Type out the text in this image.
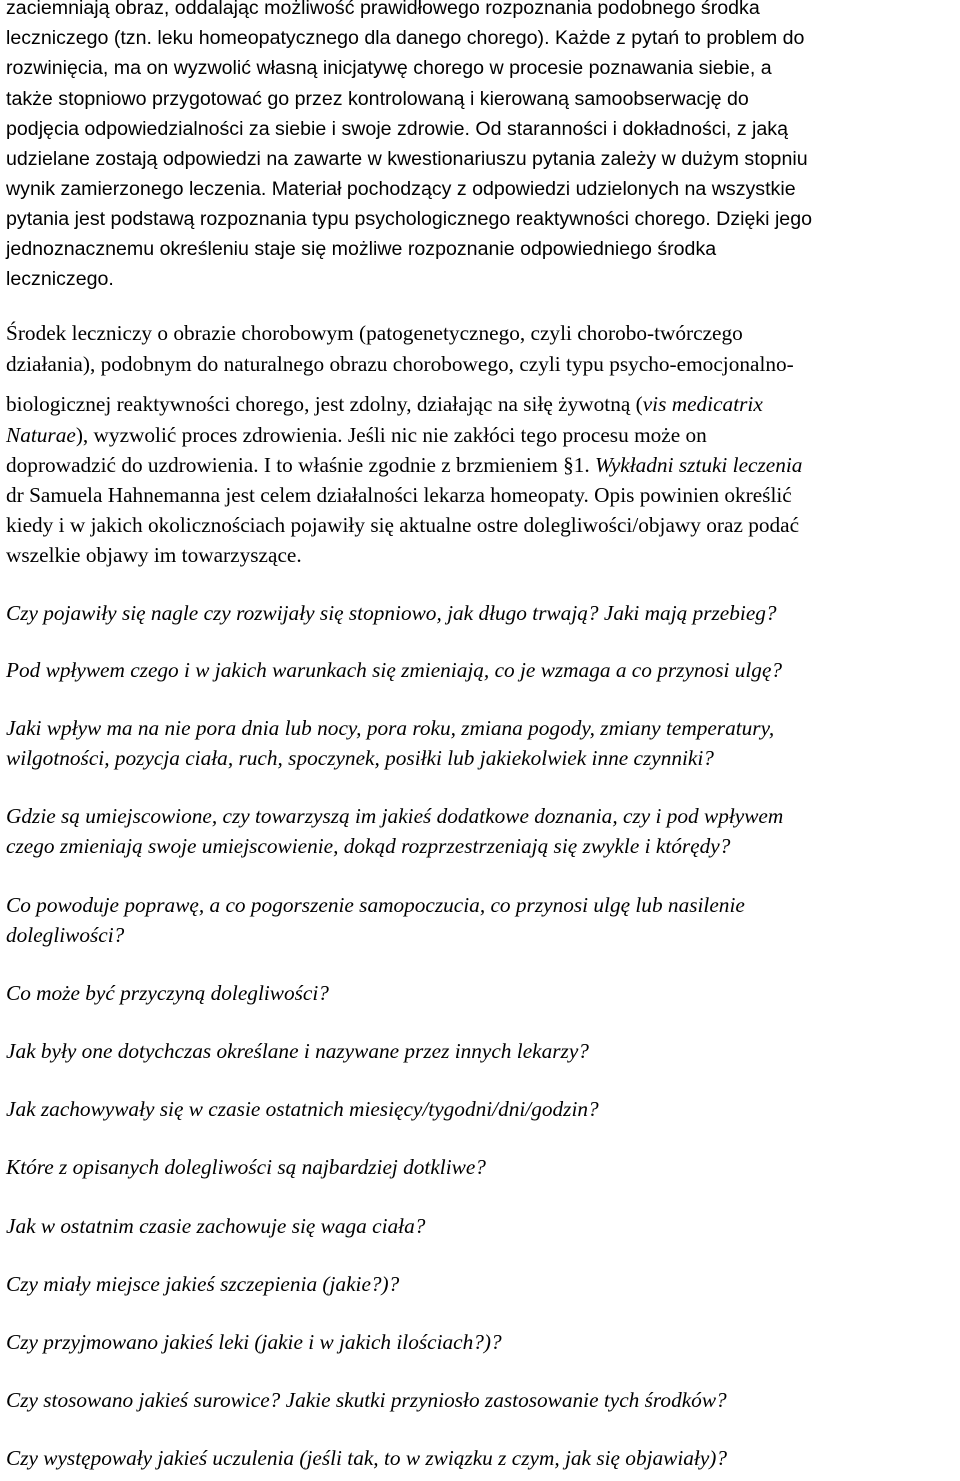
zaciemniają obraz, oddalając możliwość prawidłowego rozpoznania podobnego środka
leczniczego (tzn. leku homeopatycznego dla danego chorego). Każde z pytań to problem do
rozwinięcia, ma on wyzwolić własną inicjatywę chorego w procesie poznawania siebie, a
także stopniowo przygotować go przez kontrolowaną i kierowaną samoobserwację do
podjęcia odpowiedzialności za siebie i swoje zdrowie. Od staranności i dokładności, z jaką
udzielane zostają odpowiedzi na zawarte w kwestionariuszu pytania zależy w dużym stopniu
wynik zamierzonego leczenia. Materiał pochodzący z odpowiedzi udzielonych na wszystkie
pytania jest podstawą rozpoznania typu psychologicznego reaktywności chorego. Dzięki jego
jednoznacznemu określeniu staje się możliwe rozpoznanie odpowiedniego środka
leczniczego.
Środek leczniczy o obrazie chorobowym (patogenetycznego, czyli chorobo-twórczego
działania), podobnym do naturalnego obrazu chorobowego, czyli typu psycho-emocjonalno-
biologicznej reaktywności chorego, jest zdolny, działając na siłę żywotną (vis medicatrix
Naturae), wyzwolić proces zdrowienia. Jeśli nic nie zakłóci tego procesu może on
doprowadzić do uzdrowienia. I to właśnie zgodnie z brzmieniem §1. Wykładni sztuki leczenia
dr Samuela Hahnemanna jest celem działalności lekarza homeopaty. Opis powinien określić
kiedy i w jakich okolicznościach pojawiły się aktualne ostre dolegliwości/objawy oraz podać
wszelkie objawy im towarzyszące.
Czy pojawiły się nagle czy rozwijały się stopniowo, jak długo trwają? Jaki mają przebieg?
Pod wpływem czego i w jakich warunkach się zmieniają, co je wzmaga a co przynosi ulgę?
Jaki wpływ ma na nie pora dnia lub nocy, pora roku, zmiana pogody, zmiany temperatury,
wilgotności, pozycja ciała, ruch, spoczynek, posiłki lub jakiekolwiek inne czynniki?
Gdzie są umiejscowione, czy towarzyszą im jakieś dodatkowe doznania, czy i pod wpływem
czego zmieniają swoje umiejscowienie, dokąd rozprzestrzeniają się zwykle i którędy?
Co powoduje poprawę, a co pogorszenie samopoczucia, co przynosi ulgę lub nasilenie
dolegliwości?
Co może być przyczyną dolegliwości?
Jak były one dotychczas określane i nazywane przez innych lekarzy?
Jak zachowywały się w czasie ostatnich miesięcy/tygodni/dni/godzin?
Które z opisanych dolegliwości są najbardziej dotkliwe?
Jak w ostatnim czasie zachowuje się waga ciała?
Czy miały miejsce jakieś szczepienia (jakie?)?
Czy przyjmowano jakieś leki (jakie i w jakich ilościach?)?
Czy stosowano jakieś surowice? Jakie skutki przyniosło zastosowanie tych środków?
Czy występowały jakieś uczulenia (jeśli tak, to w związku z czym, jak się objawiały)?
